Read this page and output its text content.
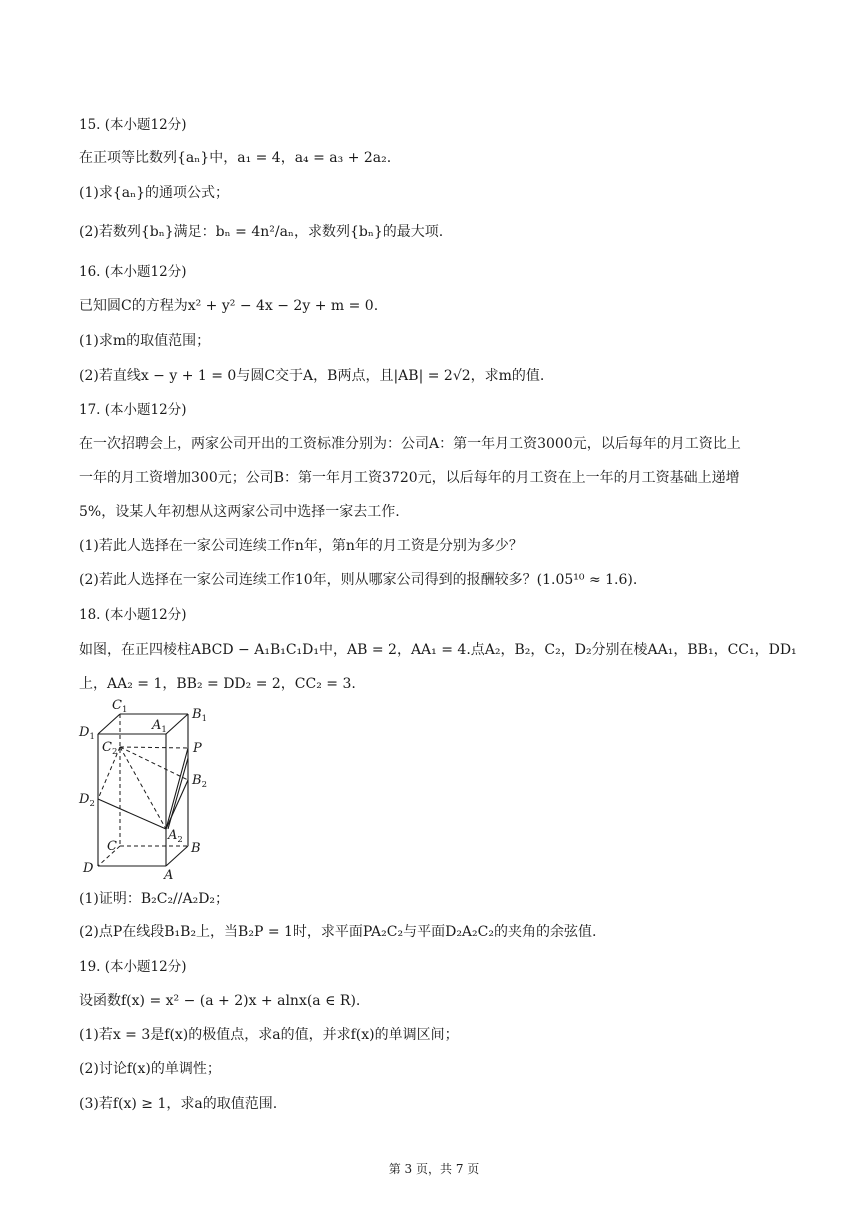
15. (本小题12分)
在正项等比数列{aₙ}中，a₁ = 4，a₄ = a₃ + 2a₂.
(1)求{aₙ}的通项公式；
(2)若数列{bₙ}满足：bₙ = 4n²/aₙ，求数列{bₙ}的最大项.
16. (本小题12分)
已知圆C的方程为x² + y² − 4x − 2y + m = 0.
(1)求m的取值范围；
(2)若直线x − y + 1 = 0与圆C交于A，B两点，且|AB| = 2√2，求m的值.
17. (本小题12分)
在一次招聘会上，两家公司开出的工资标准分别为：公司A：第一年月工资3000元，以后每年的月工资比上
一年的月工资增加300元；公司B：第一年月工资3720元，以后每年的月工资在上一年的月工资基础上递增
5%，设某人年初想从这两家公司中选择一家去工作.
(1)若此人选择在一家公司连续工作n年，第n年的月工资是分别为多少？
(2)若此人选择在一家公司连续工作10年，则从哪家公司得到的报酬较多？(1.05¹⁰ ≈ 1.6).
18. (本小题12分)
如图，在正四棱柱ABCD − A₁B₁C₁D₁中，AB = 2，AA₁ = 4.点A₂，B₂，C₂，D₂分别在棱AA₁，BB₁，CC₁，DD₁
上，AA₂ = 1，BB₂ = DD₂ = 2，CC₂ = 3.
$C_1$
$A_1$
$B_1$
$D_1$
$C_2$	P
$B_2$
$D_2$
$A_2$
C	B
D	A
(1)证明：B₂C₂//A₂D₂；
(2)点P在线段B₁B₂上，当B₂P = 1时，求平面PA₂C₂与平面D₂A₂C₂的夹角的余弦值.
19. (本小题12分)
设函数f(x) = x² − (a + 2)x + alnx(a ∈ R).
(1)若x = 3是f(x)的极值点，求a的值，并求f(x)的单调区间；
(2)讨论f(x)的单调性；
(3)若f(x) ≥ 1，求a的取值范围.
第 3 页，共 7 页
